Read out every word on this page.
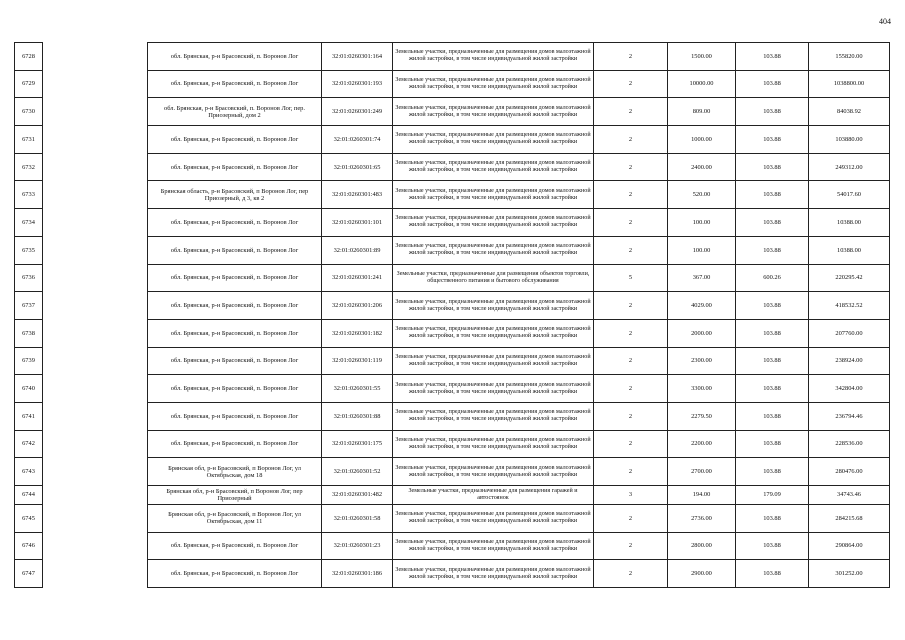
404
6728		обл. Брянская, р-н Брасовский, п. Воронов Лог	32:01:0260301:164	Земельные участки, предназначенные для размещения домов малоэтажной жилой застройки, в том числе индивидуальной жилой застройки	2	1500.00	103.88	155820.00
6729		обл. Брянская, р-н Брасовский, п. Воронов Лог	32:01:0260301:193	Земельные участки, предназначенные для размещения домов малоэтажной жилой застройки, в том числе индивидуальной жилой застройки	2	10000.00	103.88	1038800.00
6730		обл. Брянская, р-н Брасовский, п. Воронов Лог, пер. Приозерный, дом 2	32:01:0260301:249	Земельные участки, предназначенные для размещения домов малоэтажной жилой застройки, в том числе индивидуальной жилой застройки	2	809.00	103.88	84038.92
6731		обл. Брянская, р-н Брасовский, п. Воронов Лог	32:01:0260301:74	Земельные участки, предназначенные для размещения домов малоэтажной жилой застройки, в том числе индивидуальной жилой застройки	2	1000.00	103.88	103880.00
6732		обл. Брянская, р-н Брасовский, п. Воронов Лог	32:01:0260301:65	Земельные участки, предназначенные для размещения домов малоэтажной жилой застройки, в том числе индивидуальной жилой застройки	2	2400.00	103.88	249312.00
6733		Брянская область, р-н Брасовский, п Воронов Лог, пер Приозерный, д 3, кв 2	32:01:0260301:483	Земельные участки, предназначенные для размещения домов малоэтажной жилой застройки, в том числе индивидуальной жилой застройки	2	520.00	103.88	54017.60
6734		обл. Брянская, р-н Брасовский, п. Воронов Лог	32:01:0260301:101	Земельные участки, предназначенные для размещения домов малоэтажной жилой застройки, в том числе индивидуальной жилой застройки	2	100.00	103.88	10388.00
6735		обл. Брянская, р-н Брасовский, п. Воронов Лог	32:01:0260301:89	Земельные участки, предназначенные для размещения домов малоэтажной жилой застройки, в том числе индивидуальной жилой застройки	2	100.00	103.88	10388.00
6736		обл. Брянская, р-н Брасовский, п. Воронов Лог	32:01:0260301:241	Земельные участки, предназначенные для размещения объектов торговли, общественного питания и бытового обслуживания	5	367.00	600.26	220295.42
6737		обл. Брянская, р-н Брасовский, п. Воронов Лог	32:01:0260301:206	Земельные участки, предназначенные для размещения домов малоэтажной жилой застройки, в том числе индивидуальной жилой застройки	2	4029.00	103.88	418532.52
6738		обл. Брянская, р-н Брасовский, п. Воронов Лог	32:01:0260301:182	Земельные участки, предназначенные для размещения домов малоэтажной жилой застройки, в том числе индивидуальной жилой застройки	2	2000.00	103.88	207760.00
6739		обл. Брянская, р-н Брасовский, п. Воронов Лог	32:01:0260301:119	Земельные участки, предназначенные для размещения домов малоэтажной жилой застройки, в том числе индивидуальной жилой застройки	2	2300.00	103.88	238924.00
6740		обл. Брянская, р-н Брасовский, п. Воронов Лог	32:01:0260301:55	Земельные участки, предназначенные для размещения домов малоэтажной жилой застройки, в том числе индивидуальной жилой застройки	2	3300.00	103.88	342804.00
6741		обл. Брянская, р-н Брасовский, п. Воронов Лог	32:01:0260301:88	Земельные участки, предназначенные для размещения домов малоэтажной жилой застройки, в том числе индивидуальной жилой застройки	2	2279.50	103.88	236794.46
6742		обл. Брянская, р-н Брасовский, п. Воронов Лог	32:01:0260301:175	Земельные участки, предназначенные для размещения домов малоэтажной жилой застройки, в том числе индивидуальной жилой застройки	2	2200.00	103.88	228536.00
6743		Брянская обл, р-н Брасовский, п Воронов Лог, ул Октябрьская, дом 18	32:01:0260301:52	Земельные участки, предназначенные для размещения домов малоэтажной жилой застройки, в том числе индивидуальной жилой застройки	2	2700.00	103.88	280476.00
6744		Брянская обл, р-н Брасовский, п Воронов Лог, пер Приозерный	32:01:0260301:482	Земельные участки, предназначенные для размещения гаражей и автостоянок	3	194.00	179.09	34743.46
6745		Брянская обл, р-н Брасовский, п Воронов Лог, ул Октябрьская, дом 11	32:01:0260301:58	Земельные участки, предназначенные для размещения домов малоэтажной жилой застройки, в том числе индивидуальной жилой застройки	2	2736.00	103.88	284215.68
6746		обл. Брянская, р-н Брасовский, п. Воронов Лог	32:01:0260301:23	Земельные участки, предназначенные для размещения домов малоэтажной жилой застройки, в том числе индивидуальной жилой застройки	2	2800.00	103.88	290864.00
6747		обл. Брянская, р-н Брасовский, п. Воронов Лог	32:01:0260301:186	Земельные участки, предназначенные для размещения домов малоэтажной жилой застройки, в том числе индивидуальной жилой застройки	2	2900.00	103.88	301252.00
